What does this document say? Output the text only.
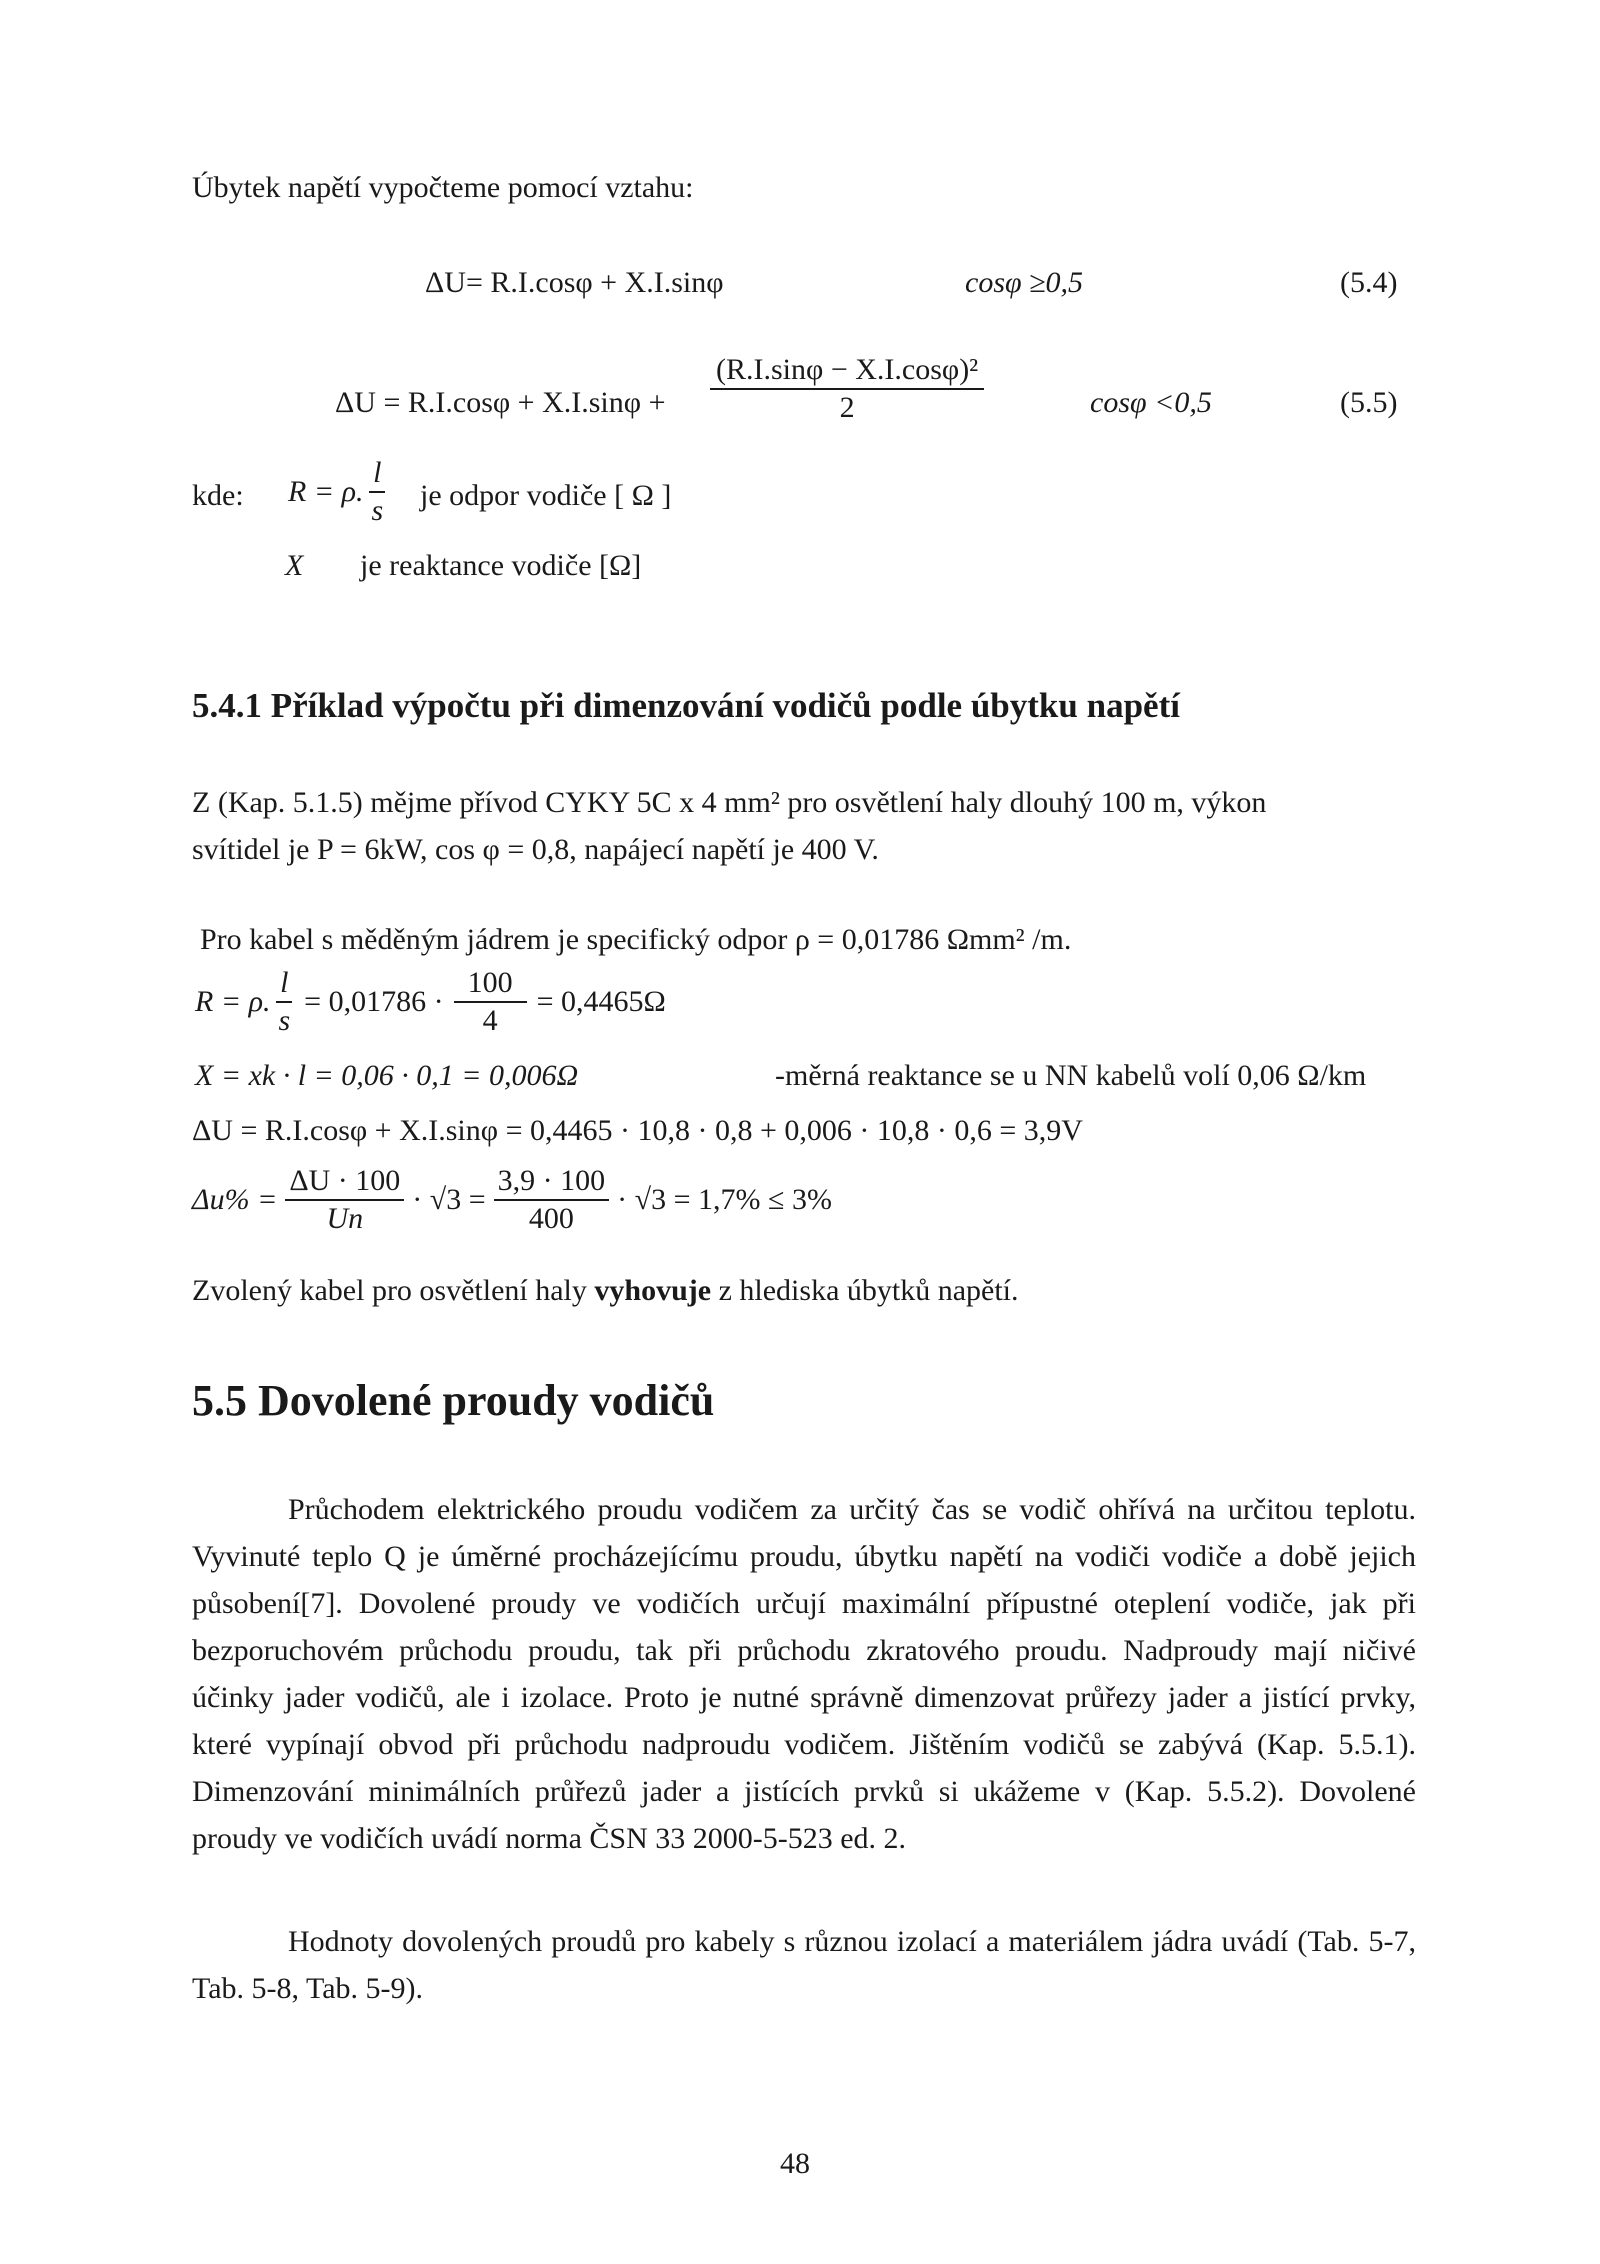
Úbytek napětí vypočteme pomocí vztahu:
ΔU= R.I.cosφ + X.I.sinφ	cosφ ≥0,5	(5.4)
$\Delta U = R.I.\cos\varphi + X.I.\sin\varphi + \frac{\text{(R.I.sinφ − X.I.cosφ)²}}{2}$	cosφ <0,5	(5.5)
kde: R = ρ. $\frac{l}{s}$ je odpor vodiče [ Ω ]
X je reaktance vodiče [Ω]
5.4.1 Příklad výpočtu při dimenzování vodičů podle úbytku napětí
Z (Kap. 5.1.5) mějme přívod CYKY 5C x 4 mm² pro osvětlení haly dlouhý 100 m, výkon
svítidel je P = 6kW, cos φ = 0,8, napájecí napětí je 400 V.
Pro kabel s měděným jádrem je specifický odpor ρ = 0,01786 Ωmm² /m.
R = ρ. $\frac{l}{s} = 0,01786 \cdot \frac{100}{4} = 0,4465\Omega$
X = xk · l = 0,06 · 0,1 = 0,006Ω	-měrná reaktance se u NN kabelů volí 0,06 Ω/km
ΔU = R.I.cosφ + X.I.sinφ = 0,4465 · 10,8 · 0,8 + 0,006 · 10,8 · 0,6 = 3,9V
$\Delta u\% = \frac{\Delta U \cdot 100}{Un} \cdot √3 = \frac{3,9 \cdot 100}{400} \cdot √3 = 1,7\% \le 3\%$
Zvolený kabel pro osvětlení haly vyhovuje z hlediska úbytků napětí.
5.5 Dovolené proudy vodičů
Průchodem elektrického proudu vodičem za určitý čas se vodič ohřívá na určitou teplotu. Vyvinuté teplo Q je úměrné procházejícímu proudu, úbytku napětí na vodiči vodiče a době jejich působení[7]. Dovolené proudy ve vodičích určují maximální přípustné oteplení vodiče, jak při bezporuchovém průchodu proudu, tak při průchodu zkratového proudu. Nadproudy mají ničivé účinky jader vodičů, ale i izolace. Proto je nutné správně dimenzovat průřezy jader a jistící prvky, které vypínají obvod při průchodu nadproudu vodičem. Jištěním vodičů se zabývá (Kap. 5.5.1). Dimenzování minimálních průřezů jader a jistících prvků si ukážeme v (Kap. 5.5.2). Dovolené proudy ve vodičích uvádí norma ČSN 33 2000-5-523 ed. 2.
Hodnoty dovolených proudů pro kabely s různou izolací a materiálem jádra uvádí (Tab. 5-7, Tab. 5-8, Tab. 5-9).
48
